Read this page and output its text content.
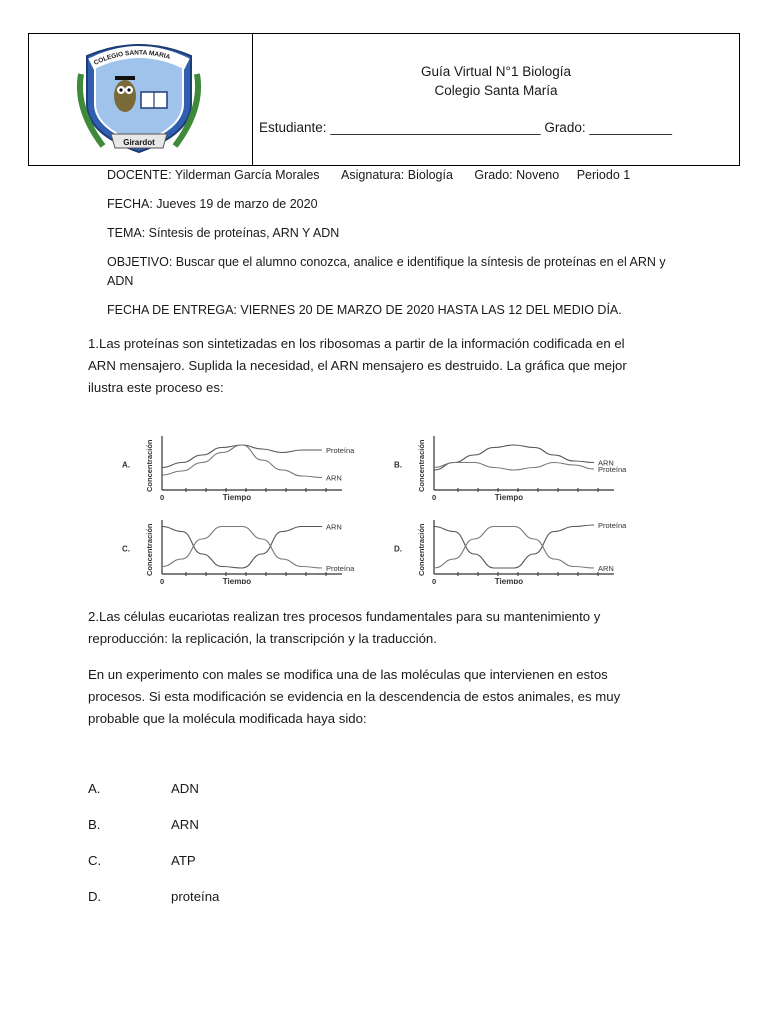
COLEGIO SANTA MARIA
Girardot
Guía Virtual N°1 Biología
Colegio Santa María
Estudiante: ____________________________ Grado: ___________
DOCENTE: Yilderman García Morales Asignatura: Biología Grado: Noveno Periodo 1
FECHA: Jueves 19 de marzo de 2020
TEMA: Síntesis de proteínas, ARN Y ADN
OBJETIVO: Buscar que el alumno conozca, analice e identifique la síntesis de proteínas en el ARN y
ADN
FECHA DE ENTREGA: VIERNES 20 DE MARZO DE 2020 HASTA LAS 12 DEL MEDIO DÍA.
1.Las proteínas son sintetizadas en los ribosomas a partir de la información codificada en el
ARN mensajero. Suplida la necesidad, el ARN mensajero es destruido. La gráfica que mejor
ilustra este proceso es:
A. Concentración
0	Tiempo
Proteína
ARN
B. Concentración
0	Tiempo
ARN
Proteína
C. Concentración
0	Tiempo
ARN
Proteína
D. Concentración
0	Tiempo
Proteína
ARN
2.Las células eucariotas realizan tres procesos fundamentales para su mantenimiento y
reproducción: la replicación, la transcripción y la traducción.
En un experimento con males se modifica una de las moléculas que intervienen en estos
procesos. Si esta modificación se evidencia en la descendencia de estos animales, es muy
probable que la molécula modificada haya sido:
A.	ADN
B.	ARN
C.	ATP
D.	proteína
